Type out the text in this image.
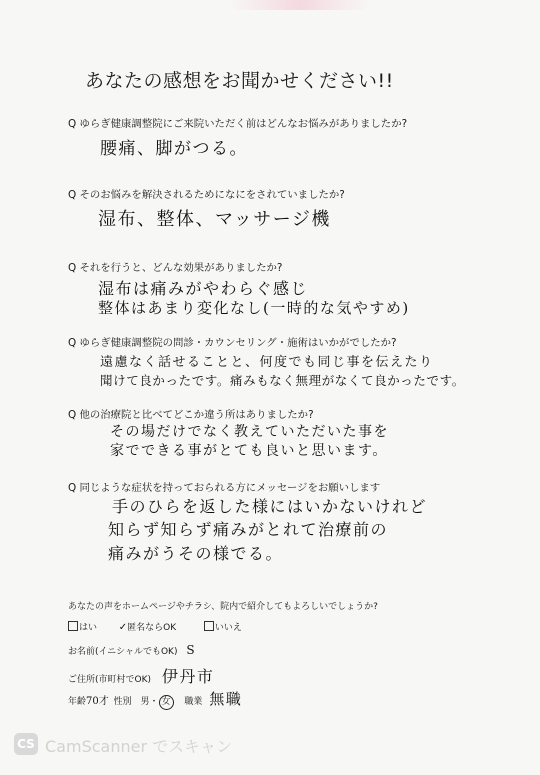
あなたの感想をお聞かせください!!
Q ゆらぎ健康調整院にご来院いただく前はどんなお悩みがありましたか?
腰痛、脚がつる。
Q そのお悩みを解決されるためになにをされていましたか?
湿布、整体、マッサージ機
Q それを行うと、どんな効果がありましたか?
湿布は痛みがやわらぐ感じ
整体はあまり変化なし(一時的な気やすめ)
Q ゆらぎ健康調整院の問診・カウンセリング・施術はいかがでしたか?
遠慮なく話せることと、何度でも同じ事を伝えたり
聞けて良かったです。痛みもなく無理がなくて良かったです。
Q 他の治療院と比べてどこか違う所はありましたか?
その場だけでなく教えていただいた事を
家でできる事がとても良いと思います。
Q 同じような症状を持っておられる方にメッセージをお願いします
手のひらを返した様にはいかないけれど
知らず知らず痛みがとれて治療前の
痛みがうその様でる。
あなたの声をホームページやチラシ、院内で紹介してもよろしいでしょうか?
はい ✓匿名ならOK	いいえ
お名前(イニシャルでもOK) S
ご住所(市町村でOK) 伊丹市
年齢70才 性別 男・ 女 職業 無職
CS CamScanner でスキャン
